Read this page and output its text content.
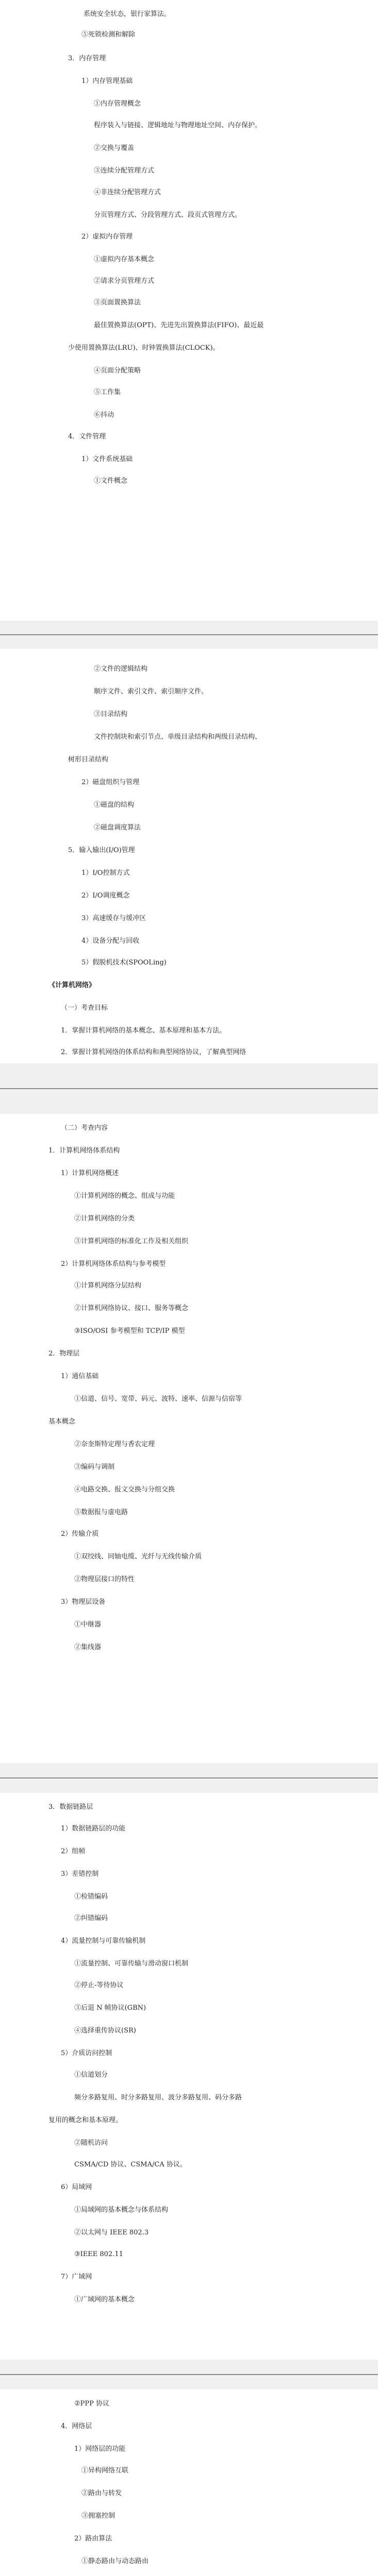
系统安全状态，银行家算法。
⑤死锁检测和解除
3．内存管理
1）内存管理基础
①内存管理概念
程序装入与链接、逻辑地址与物理地址空间、内存保护。
②交换与覆盖
③连续分配管理方式
④非连续分配管理方式
分页管理方式、分段管理方式、段页式管理方式。
2）虚拟内存管理
①虚拟内存基本概念
②请求分页管理方式
③页面置换算法
最佳置换算法(OPT)、先进先出置换算法(FIFO)、最近最
少使用置换算法(LRU)、时钟置换算法(CLOCK)。
④页面分配策略
⑤工作集
⑥抖动
4．文件管理
1）文件系统基础
①文件概念
②文件的逻辑结构
顺序文件、索引文件、索引顺序文件。
③目录结构
文件控制块和索引节点、单级目录结构和两级目录结构、
树形目录结构
2）磁盘组织与管理
①磁盘的结构
②磁盘调度算法
5．输入输出(I/O)管理
1）I/O控制方式
2）I/O调度概念
3）高速缓存与缓冲区
4）设备分配与回收
5）假脱机技术(SPOOLing)
《计算机网络》
（一）考查目标
1．掌握计算机网络的基本概念、基本原理和基本方法。
2．掌握计算机网络的体系结构和典型网络协议，了解典型网络
（二）考查内容
1．计算机网络体系结构
1）计算机网络概述
①计算机网络的概念、组成与功能
②计算机网络的分类
③计算机网络的标准化工作及相关组织
2）计算机网络体系结构与参考模型
①计算机网络分层结构
②计算机网络协议、接口、服务等概念
③ISO/OSI 参考模型和 TCP/IP 模型
2．物理层
1）通信基础
①信道、信号、宽带、码元、波特、速率、信源与信宿等
基本概念
②奈奎斯特定理与香农定理
③编码与调制
④电路交换、报文交换与分组交换
⑤数据报与虚电路
2）传输介质
①双绞线、同轴电缆、光纤与无线传输介质
②物理层接口的特性
3）物理层设备
①中继器
②集线器
3．数据链路层
1）数据链路层的功能
2）组帧
3）差错控制
①检错编码
②纠错编码
4）流量控制与可靠传输机制
①流量控制、可靠传输与滑动窗口机制
②停止-等待协议
③后退 N 帧协议(GBN)
④选择重传协议(SR)
5）介质访问控制
①信道划分
频分多路复用、时分多路复用、波分多路复用、码分多路
复用的概念和基本原理。
②随机访问
CSMA/CD 协议、CSMA/CA 协议。
6）局域网
①局域网的基本概念与体系结构
②以太网与 IEEE 802.3
③IEEE 802.11
7）广域网
①广域网的基本概念
②PPP 协议
4．网络层
1）网络层的功能
①异构网络互联
②路由与转发
③拥塞控制
2）路由算法
①静态路由与动态路由
